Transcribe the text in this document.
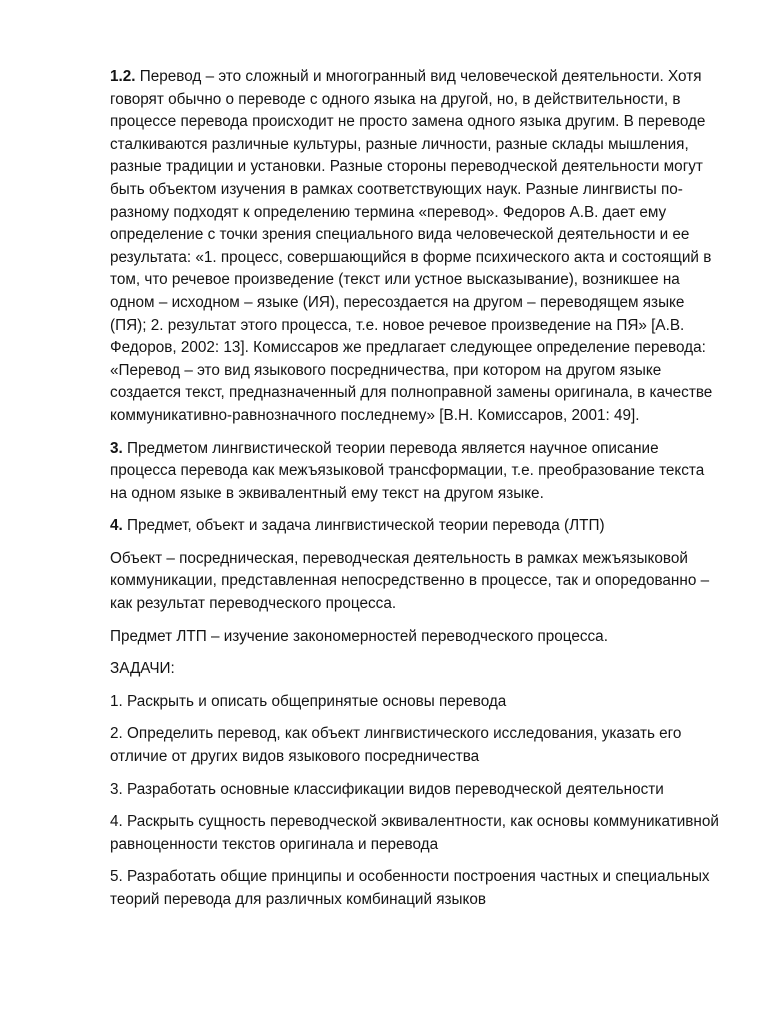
1.2. Перевод – это сложный и многогранный вид человеческой деятельности. Хотя говорят обычно о переводе с одного языка на другой, но, в действительности, в процессе перевода происходит не просто замена одного языка другим. В переводе сталкиваются различные культуры, разные личности, разные склады мышления, разные традиции и установки. Разные стороны переводческой деятельности могут быть объектом изучения в рамках соответствующих наук. Разные лингвисты по-разному подходят к определению термина «перевод». Федоров А.В. дает ему определение с точки зрения специального вида человеческой деятельности и ее результата: «1. процесс, совершающийся в форме психического акта и состоящий в том, что речевое произведение (текст или устное высказывание), возникшее на одном – исходном – языке (ИЯ), пересоздается на другом – переводящем языке (ПЯ); 2. результат этого процесса, т.е. новое речевое произведение на ПЯ» [А.В. Федоров, 2002: 13]. Комиссаров же предлагает следующее определение перевода: «Перевод – это вид языкового посредничества, при котором на другом языке создается текст, предназначенный для полноправной замены оригинала, в качестве коммуникативно-равнозначного последнему» [В.Н. Комиссаров, 2001: 49].

3. Предметом лингвистической теории перевода является научное описание процесса перевода как межъязыковой трансформации, т.е. преобразование текста на одном языке в эквивалентный ему текст на другом языке.

4. Предмет, объект и задача лингвистической теории перевода (ЛТП)

Объект – посредническая, переводческая деятельность в рамках межъязыковой коммуникации, представленная непосредственно в процессе, так и опоредованно – как результат переводческого процесса.

Предмет ЛТП – изучение закономерностей переводческого процесса.

ЗАДАЧИ:

1. Раскрыть и описать общепринятые основы перевода

2. Определить перевод, как объект лингвистического исследования, указать его отличие от других видов языкового посредничества

3. Разработать основные классификации видов переводческой деятельности

4. Раскрыть сущность переводческой эквивалентности, как основы коммуникативной равноценности текстов оригинала и перевода

5. Разработать общие принципы и особенности построения частных и специальных теорий перевода для различных комбинаций языков
